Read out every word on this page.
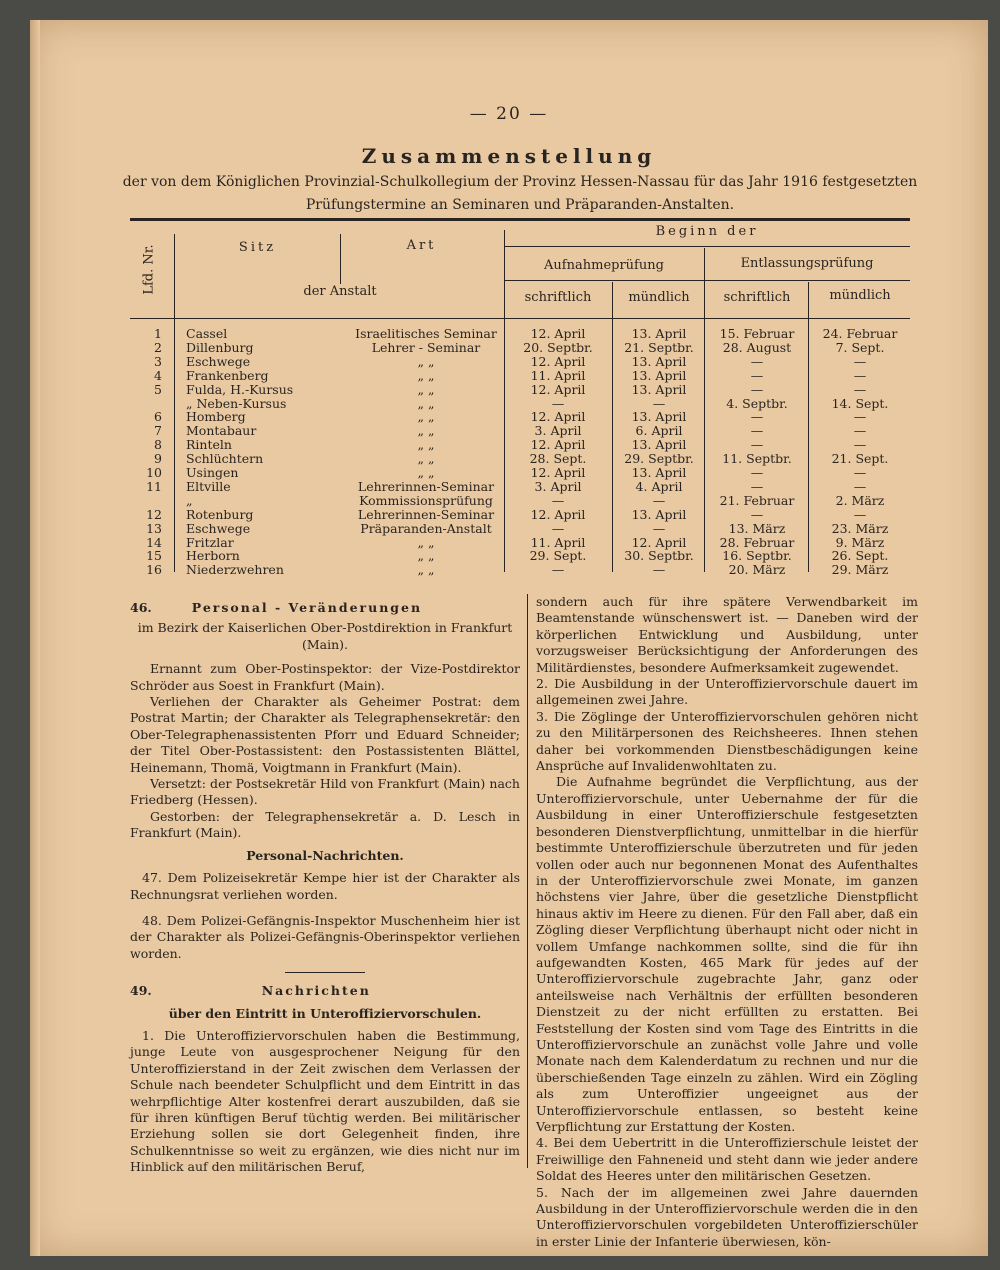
— 20 —
Zusammenstellung
der von dem Königlichen Provinzial-Schulkollegium der Provinz Hessen-Nassau für das Jahr 1916 festgesetzten
Prüfungstermine an Seminaren und Präparanden-Anstalten.
Lfd. Nr.	Sitz	Art
der Anstalt
Beginn der
Aufnahmeprüfung	Entlassungsprüfung
schriftlich	mündlich	schriftlich	mündlich
1 Cassel	Israelitisches Seminar	12. April	13. April	15. Februar	24. Februar
2 Dillenburg	Lehrer - Seminar	20. Septbr.	21. Septbr.	28. August	7. Sept.
3 Eschwege	„ „	12. April	13. April	—	—
4 Frankenberg	„ „	11. April	13. April	—	—
5 Fulda, H.-Kursus	„ „	12. April	13. April	—	—
„ Neben-Kursus	„ „	—	—	4. Septbr.	14. Sept.
6 Homberg	„ „	12. April	13. April	—	—
7 Montabaur	„ „	3. April	6. April	—	—
8 Rinteln	„ „	12. April	13. April	—	—
9 Schlüchtern	„ „	28. Sept.	29. Septbr.	11. Septbr.	21. Sept.
10 Usingen	„ „	12. April	13. April	—	—
11 Eltville	Lehrerinnen-Seminar	3. April	4. April	—	—
„	Kommissionsprüfung	—	—	21. Februar	2. März
12 Rotenburg	Lehrerinnen-Seminar	12. April	13. April	—	—
13 Eschwege	Präparanden-Anstalt	—	—	13. März	23. März
14 Fritzlar	„ „	11. April	12. April	28. Februar	9. März
15 Herborn	„ „	29. Sept.	30. Septbr.	16. Septbr.	26. Sept.
16 Niederzwehren	„ „	—	—	20. März	29. März

46.	Personal - Veränderungen

im Bezirk der Kaiserlichen Ober-Postdirektion in Frankfurt (Main).

Ernannt zum Ober-Postinspektor: der Vize-Postdirektor Schröder aus Soest in Frankfurt (Main).

Verliehen der Charakter als Geheimer Postrat: dem Postrat Martin; der Charakter als Telegraphensekretär: den Ober-Telegraphenassistenten Pforr und Eduard Schneider; der Titel Ober-Postassistent: den Postassistenten Blättel, Heinemann, Thomä, Voigtmann in Frankfurt (Main).

Versetzt: der Postsekretär Hild von Frankfurt (Main) nach Friedberg (Hessen).

Gestorben: der Telegraphensekretär a. D. Lesch in Frankfurt (Main).

Personal-Nachrichten.

47. Dem Polizeisekretär Kempe hier ist der Charakter als Rechnungsrat verliehen worden.

48. Dem Polizei-Gefängnis-Inspektor Muschenheim hier ist der Charakter als Polizei-Gefängnis-Oberinspektor verliehen worden.

49.	Nachrichten

über den Eintritt in Unteroffiziervorschulen.

1. Die Unteroffiziervorschulen haben die Bestimmung, junge Leute von ausgesprochener Neigung für den Unteroffizierstand in der Zeit zwischen dem Verlassen der Schule nach beendeter Schulpflicht und dem Eintritt in das wehrpflichtige Alter kostenfrei derart auszubilden, daß sie für ihren künftigen Beruf tüchtig werden. Bei militärischer Erziehung sollen sie dort Gelegenheit finden, ihre Schulkenntnisse so weit zu ergänzen, wie dies nicht nur im Hinblick auf den militärischen Beruf,

sondern auch für ihre spätere Verwendbarkeit im Beamtenstande wünschenswert ist. — Daneben wird der körperlichen Entwicklung und Ausbildung, unter vorzugsweiser Berücksichtigung der Anforderungen des Militärdienstes, besondere Aufmerksamkeit zugewendet.

2. Die Ausbildung in der Unteroffiziervorschule dauert im allgemeinen zwei Jahre.

3. Die Zöglinge der Unteroffiziervorschulen gehören nicht zu den Militärpersonen des Reichsheeres. Ihnen stehen daher bei vorkommenden Dienstbeschädigungen keine Ansprüche auf Invalidenwohltaten zu.

Die Aufnahme begründet die Verpflichtung, aus der Unteroffiziervorschule, unter Uebernahme der für die Ausbildung in einer Unteroffizierschule festgesetzten besonderen Dienstverpflichtung, unmittelbar in die hierfür bestimmte Unteroffizierschule überzutreten und für jeden vollen oder auch nur begonnenen Monat des Aufenthaltes in der Unteroffiziervorschule zwei Monate, im ganzen höchstens vier Jahre, über die gesetzliche Dienstpflicht hinaus aktiv im Heere zu dienen. Für den Fall aber, daß ein Zögling dieser Verpflichtung überhaupt nicht oder nicht in vollem Umfange nachkommen sollte, sind die für ihn aufgewandten Kosten, 465 Mark für jedes auf der Unteroffiziervorschule zugebrachte Jahr, ganz oder anteilsweise nach Verhältnis der erfüllten besonderen Dienstzeit zu der nicht erfüllten zu erstatten. Bei Feststellung der Kosten sind vom Tage des Eintritts in die Unteroffiziervorschule an zunächst volle Jahre und volle Monate nach dem Kalenderdatum zu rechnen und nur die überschießenden Tage einzeln zu zählen. Wird ein Zögling als zum Unteroffizier ungeeignet aus der Unteroffiziervorschule entlassen, so besteht keine Verpflichtung zur Erstattung der Kosten.

4. Bei dem Uebertritt in die Unteroffizierschule leistet der Freiwillige den Fahneneid und steht dann wie jeder andere Soldat des Heeres unter den militärischen Gesetzen.

5. Nach der im allgemeinen zwei Jahre dauernden Ausbildung in der Unteroffiziervorschule werden die in den Unteroffiziervorschulen vorgebildeten Unteroffizierschüler in erster Linie der Infanterie überwiesen, kön-
